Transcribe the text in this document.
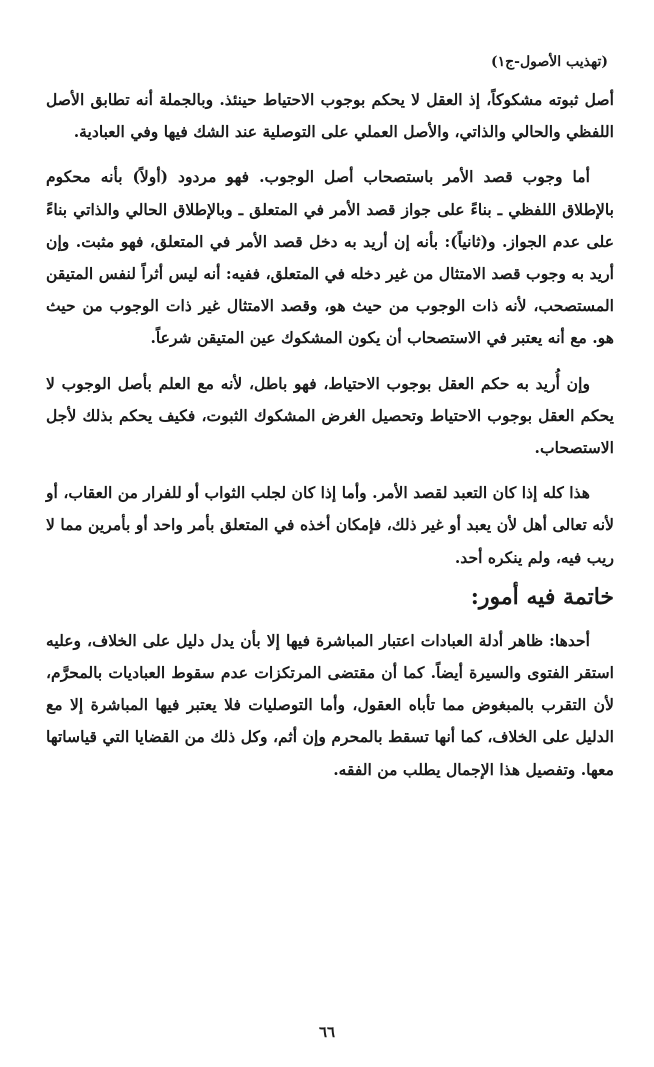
(تهذيب الأصول-ج١)

أصل ثبوته مشكوكاً، إذ العقل لا يحكم بوجوب الاحتياط حينئذ. وبالجملة أنه تطابق الأصل اللفظي والحالي والذاتي، والأصل العملي على التوصلية عند الشك فيها وفي العبادية.

أما وجوب قصد الأمر باستصحاب أصل الوجوب. فهو مردود (أولاً) بأنه محكوم بالإطلاق اللفظي ـ بناءً على جواز قصد الأمر في المتعلق ـ وبالإطلاق الحالي والذاتي بناءً على عدم الجواز. و(ثانياً): بأنه إن أريد به دخل قصد الأمر في المتعلق، فهو مثبت. وإن أريد به وجوب قصد الامتثال من غير دخله في المتعلق، ففيه: أنه ليس أثراً لنفس المتيقن المستصحب، لأنه ذات الوجوب من حيث هو، وقصد الامتثال غير ذات الوجوب من حيث هو. مع أنه يعتبر في الاستصحاب أن يكون المشكوك عين المتيقن شرعاً.

وإن أُريد به حكم العقل بوجوب الاحتياط، فهو باطل، لأنه مع العلم بأصل الوجوب لا يحكم العقل بوجوب الاحتياط وتحصيل الغرض المشكوك الثبوت، فكيف يحكم بذلك لأجل الاستصحاب.

هذا كله إذا كان التعبد لقصد الأمر. وأما إذا كان لجلب الثواب أو للفرار من العقاب، أو لأنه تعالى أهل لأن يعبد أو غير ذلك، فإمكان أخذه في المتعلق بأمر واحد أو بأمرين مما لا ريب فيه، ولم ينكره أحد.

خاتمة فيه أمور:

أحدها: ظاهر أدلة العبادات اعتبار المباشرة فيها إلا بأن يدل دليل على الخلاف، وعليه استقر الفتوى والسيرة أيضاً. كما أن مقتضى المرتكزات عدم سقوط العباديات بالمحرَّم، لأن التقرب بالمبغوض مما تأباه العقول، وأما التوصليات فلا يعتبر فيها المباشرة إلا مع الدليل على الخلاف، كما أنها تسقط بالمحرم وإن أثم، وكل ذلك من القضايا التي قياساتها معها. وتفصيل هذا الإجمال يطلب من الفقه.

٦٦
